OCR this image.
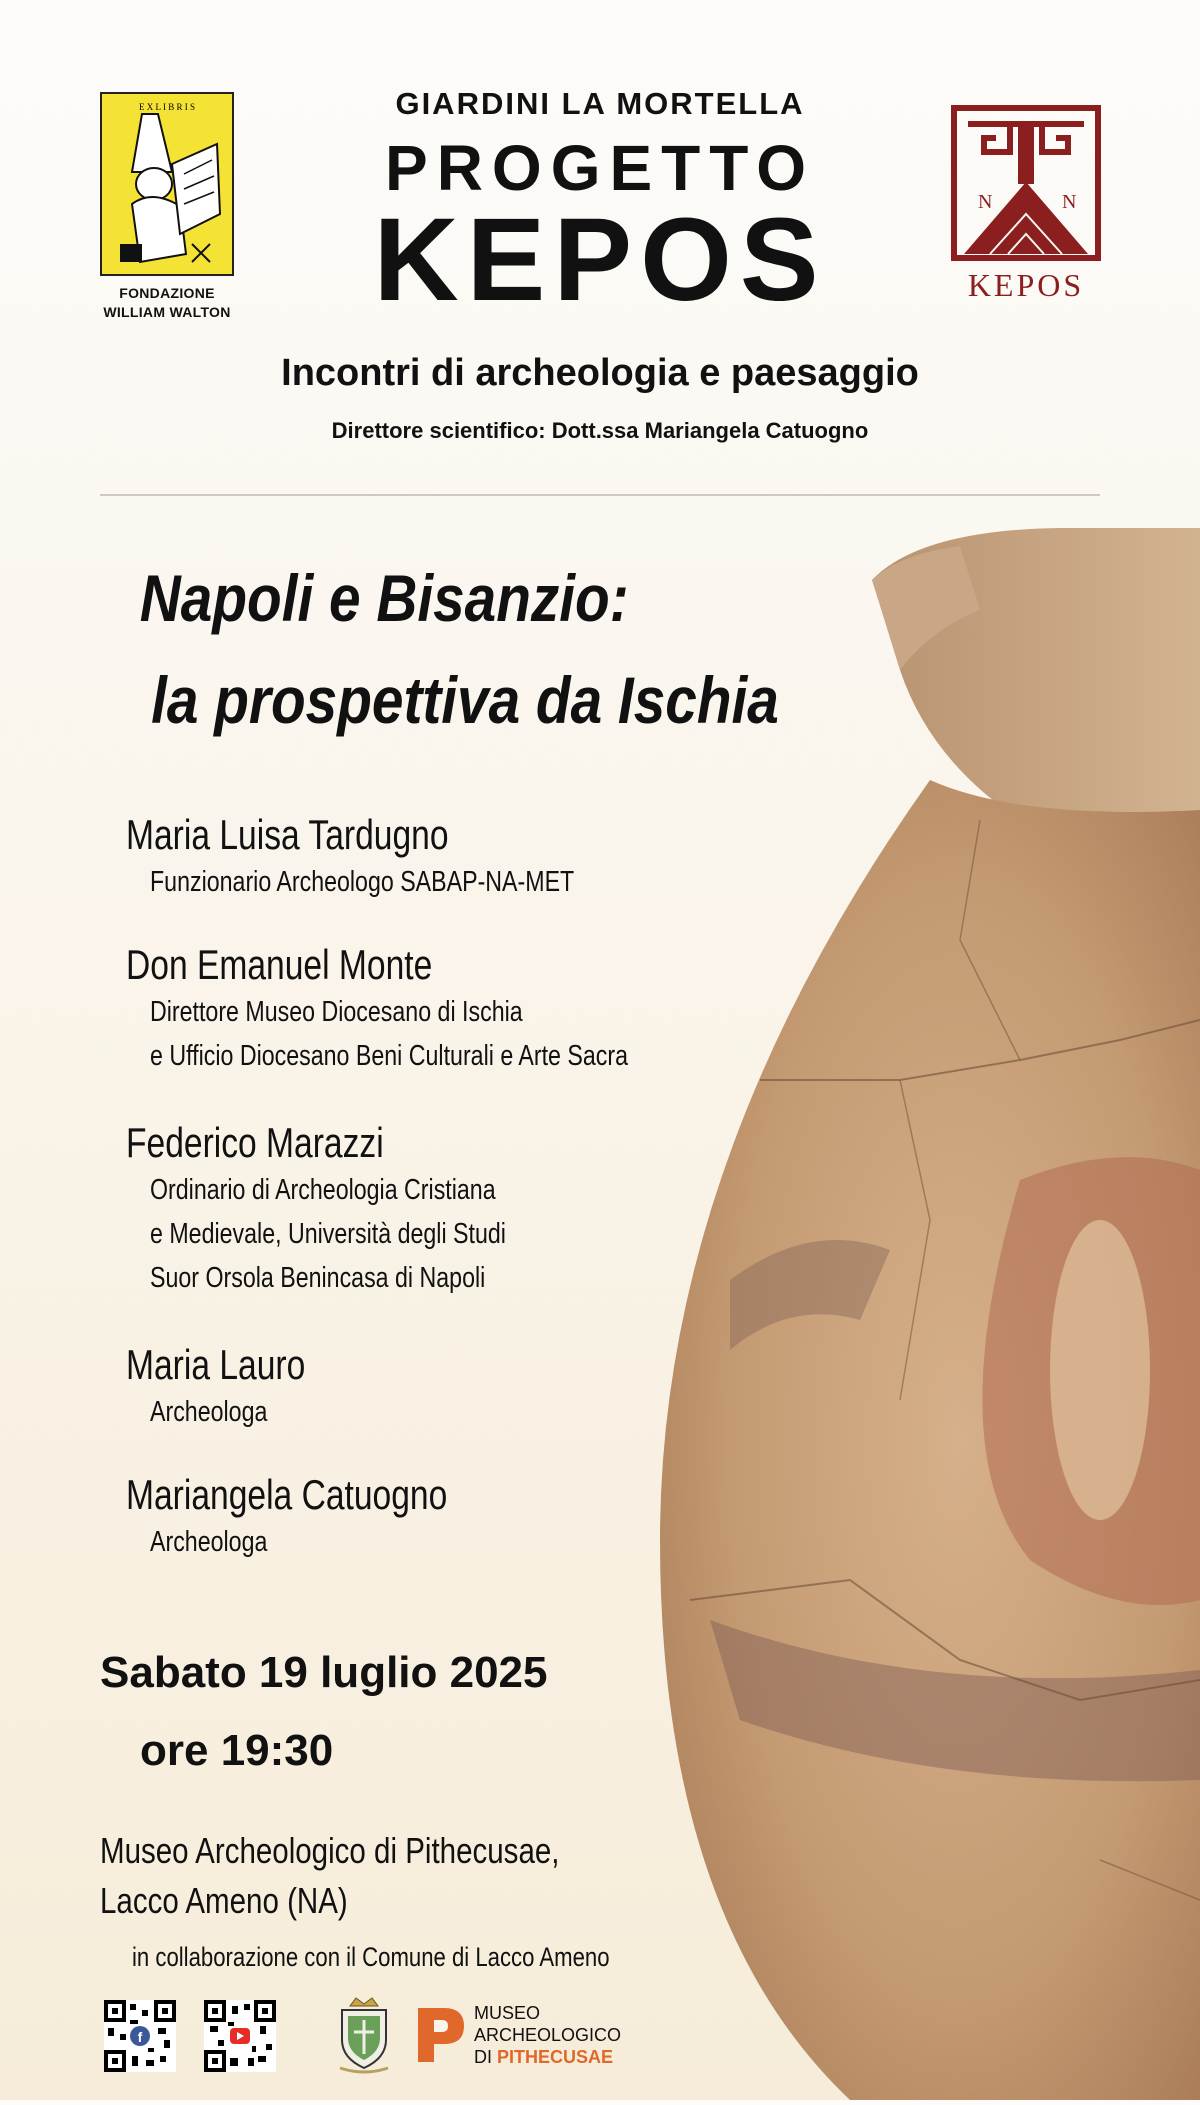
E X L I B R I S
FONDAZIONE
WILLIAM WALTON
GIARDINI LA MORTELLA
PROGETTO
KEPOS	N	N
KEPOS
Incontri di archeologia e paesaggio
Direttore scientifico: Dott.ssa Mariangela Catuogno
Napoli e Bisanzio:
la prospettiva da Ischia
Maria Luisa Tardugno
Funzionario Archeologo SABAP-NA-MET
Don Emanuel Monte
Direttore Museo Diocesano di Ischia
e Ufficio Diocesano Beni Culturali e Arte Sacra
Federico Marazzi
Ordinario di Archeologia Cristiana
e Medievale, Università degli Studi
Suor Orsola Benincasa di Napoli
Maria Lauro
Archeologa
Mariangela Catuogno
Archeologa
Sabato 19 luglio 2025
ore 19:30
Museo Archeologico di Pithecusae,
Lacco Ameno (NA)
in collaborazione con il Comune di Lacco Ameno
f
MUSEO
ARCHEOLOGICO
DI PITHECUSAE
